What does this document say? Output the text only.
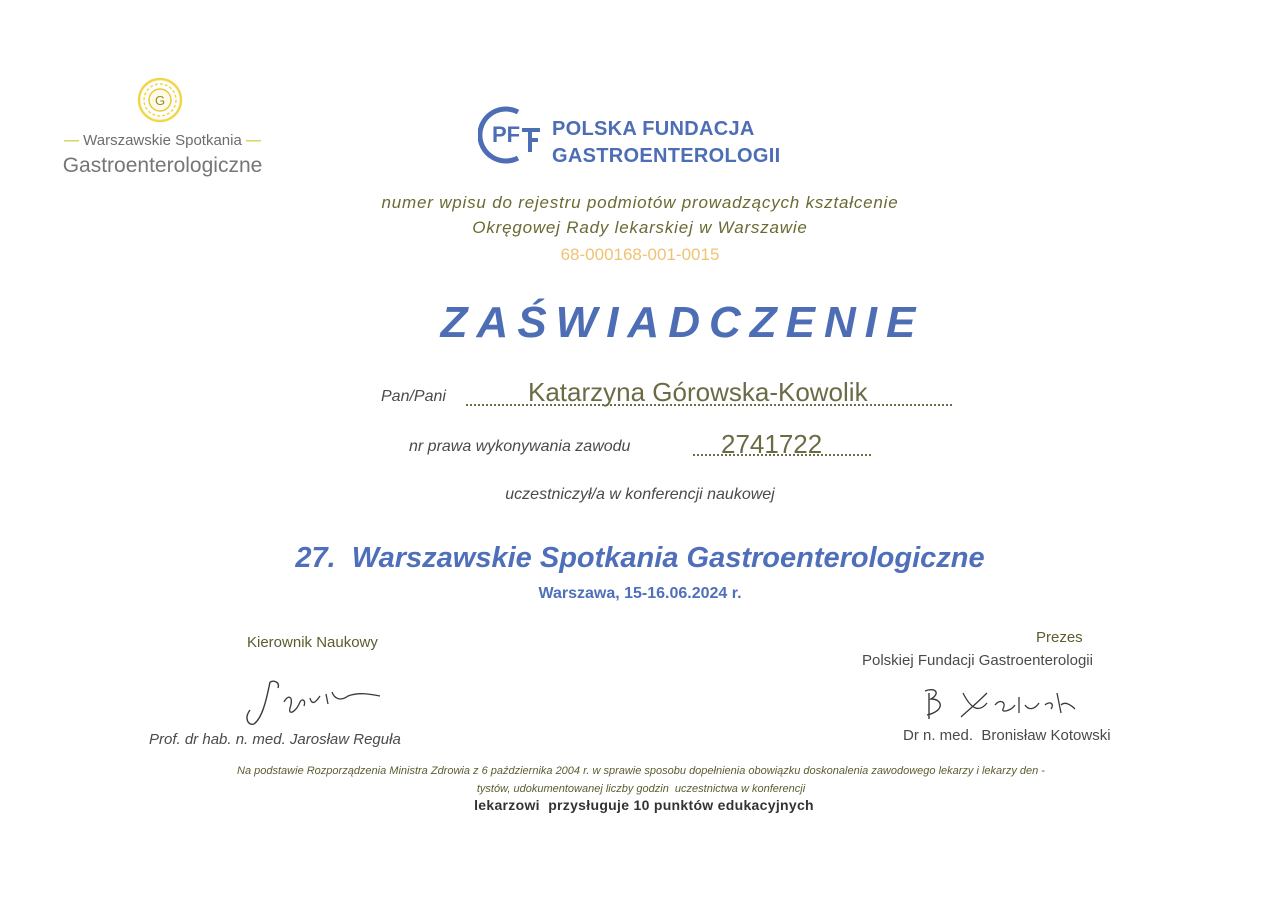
G
— Warszawskie Spotkania —
Gastroenterologiczne
PF POLSKA FUNDACJA
GASTROENTEROLOGII
numer wpisu do rejestru podmiotów prowadzących kształcenie
Okręgowej Rady lekarskiej w Warszawie
68-000168-001-0015
ZAŚWIADCZENIE
Pan/Pani	Katarzyna Górowska-Kowolik
nr prawa wykonywania zawodu	2741722
uczestniczył/a w konferencji naukowej
27.  Warszawskie Spotkania Gastroenterologiczne
Warszawa, 15-16.06.2024 r.
Kierownik Naukowy
Prof. dr hab. n. med. Jarosław Reguła
Prezes
Polskiej Fundacji Gastroenterologii
Dr n. med.  Bronisław Kotowski
Na podstawie Rozporządzenia Ministra Zdrowia z 6 października 2004 r. w sprawie sposobu dopełnienia obowiązku doskonalenia zawodowego lekarzy i lekarzy den -
tystów, udokumentowanej liczby godzin  uczestnictwa w konferencji
lekarzowi  przysługuje 10 punktów edukacyjnych
